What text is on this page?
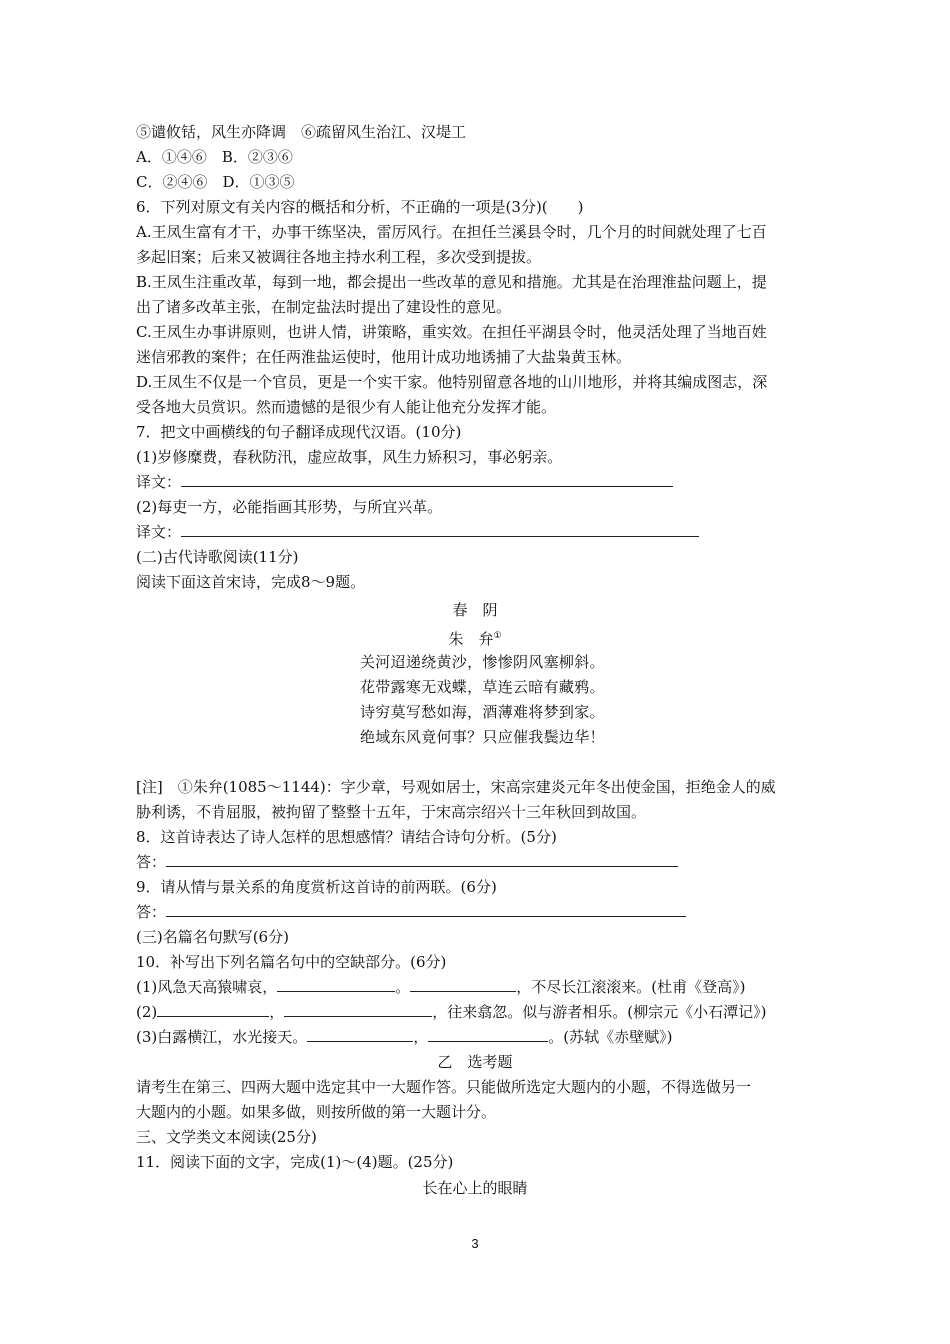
⑤谴攸铦，风生亦降调　⑥疏留风生治江、汉堤工
A．①④⑥　B．②③⑥
C．②④⑥　D．①③⑤
6．下列对原文有关内容的概括和分析，不正确的一项是(3分)(　　)
A.王凤生富有才干，办事干练坚决，雷厉风行。在担任兰溪县令时，几个月的时间就处理了七百
多起旧案；后来又被调往各地主持水利工程，多次受到提拔。
B.王凤生注重改革，每到一地，都会提出一些改革的意见和措施。尤其是在治理淮盐问题上，提
出了诸多改革主张，在制定盐法时提出了建设性的意见。
C.王凤生办事讲原则，也讲人情，讲策略，重实效。在担任平湖县令时，他灵活处理了当地百姓
迷信邪教的案件；在任两淮盐运使时，他用计成功地诱捕了大盐枭黄玉林。
D.王凤生不仅是一个官员，更是一个实干家。他特别留意各地的山川地形，并将其编成图志，深
受各地大员赏识。然而遗憾的是很少有人能让他充分发挥才能。
7．把文中画横线的句子翻译成现代汉语。(10分)
(1)岁修糜费，春秋防汛，虚应故事，风生力矫积习，事必躬亲。
译文：
(2)每吏一方，必能指画其形势，与所宜兴革。
译文：
(二)古代诗歌阅读(11分)
阅读下面这首宋诗，完成8～9题。
春　阴
朱　弁①
关河迢递绕黄沙，惨惨阴风塞柳斜。
花带露寒无戏蝶，草连云暗有藏鸦。
诗穷莫写愁如海，酒薄难将梦到家。
绝域东风竟何事？只应催我鬓边华！
[注]　①朱弁(1085～1144)：字少章，号观如居士，宋高宗建炎元年冬出使金国，拒绝金人的威
胁利诱，不肯屈服，被拘留了整整十五年，于宋高宗绍兴十三年秋回到故国。
8．这首诗表达了诗人怎样的思想感情？请结合诗句分析。(5分)
答：
9．请从情与景关系的角度赏析这首诗的前两联。(6分)
答：
(三)名篇名句默写(6分)
10．补写出下列名篇名句中的空缺部分。(6分)
(1)风急天高猿啸哀，	。	，不尽长江滚滚来。(杜甫《登高》)
(2)	，	，往来翕忽。似与游者相乐。(柳宗元《小石潭记》)
(3)白露横江，水光接天。	，	。(苏轼《赤壁赋》)
乙　选考题
请考生在第三、四两大题中选定其中一大题作答。只能做所选定大题内的小题，不得选做另一
大题内的小题。如果多做，则按所做的第一大题计分。
三、文学类文本阅读(25分)
11．阅读下面的文字，完成(1)～(4)题。(25分)
长在心上的眼睛
3
